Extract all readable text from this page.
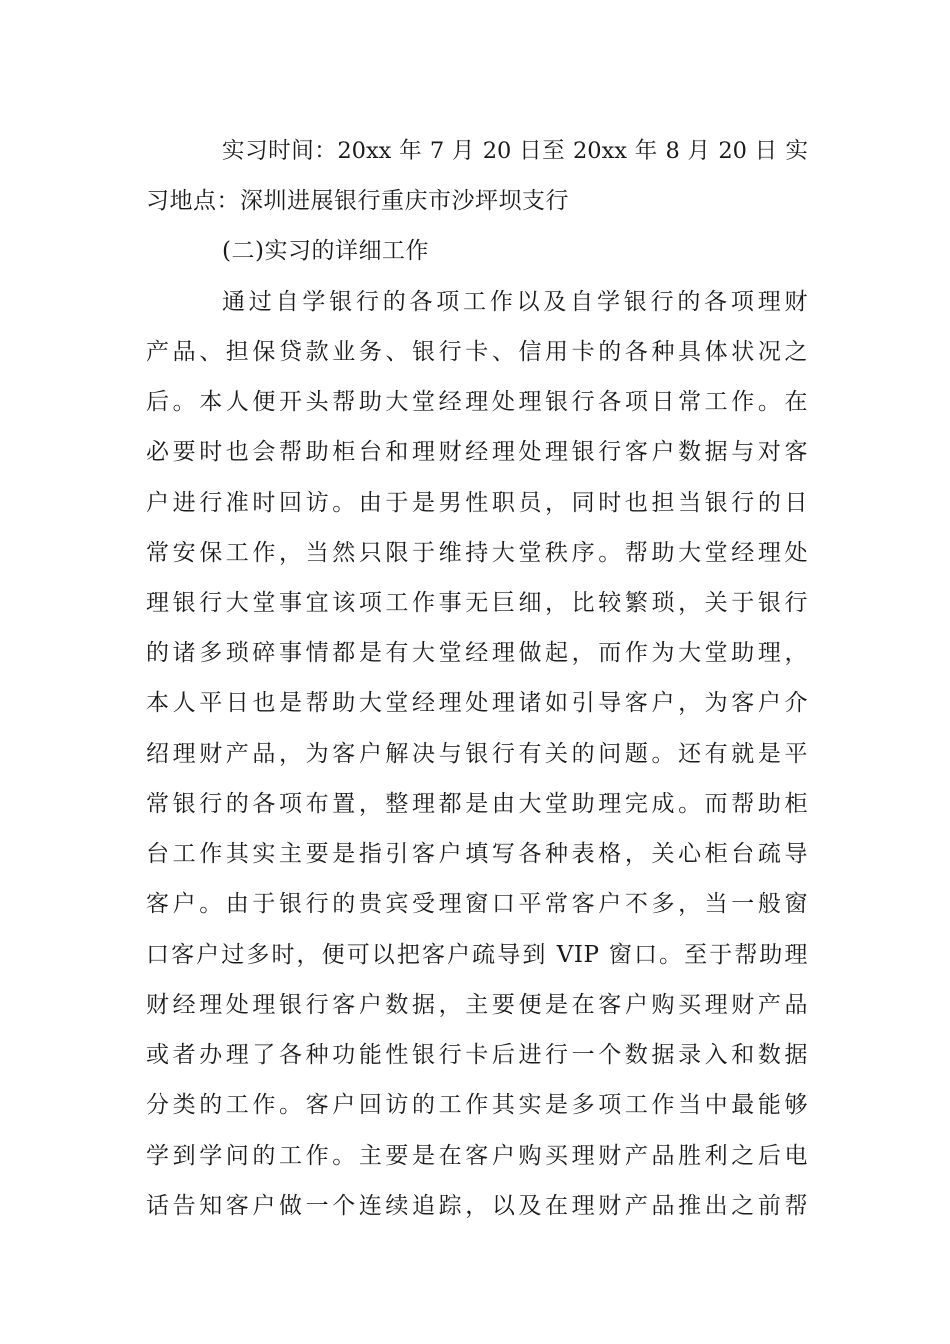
实习时间：20xx 年 7 月 20 日至 20xx 年 8 月 20 日 实
习地点：深圳进展银行重庆市沙坪坝支行
(二)实习的详细工作
通过自学银行的各项工作以及自学银行的各项理财
产品、担保贷款业务、银行卡、信用卡的各种具体状况之
后。本人便开头帮助大堂经理处理银行各项日常工作。在
必要时也会帮助柜台和理财经理处理银行客户数据与对客
户进行准时回访。由于是男性职员，同时也担当银行的日
常安保工作，当然只限于维持大堂秩序。帮助大堂经理处
理银行大堂事宜该项工作事无巨细，比较繁琐，关于银行
的诸多琐碎事情都是有大堂经理做起，而作为大堂助理，
本人平日也是帮助大堂经理处理诸如引导客户，为客户介
绍理财产品，为客户解决与银行有关的问题。还有就是平
常银行的各项布置，整理都是由大堂助理完成。而帮助柜
台工作其实主要是指引客户填写各种表格，关心柜台疏导
客户。由于银行的贵宾受理窗口平常客户不多，当一般窗
口客户过多时，便可以把客户疏导到 VIP 窗口。至于帮助理
财经理处理银行客户数据，主要便是在客户购买理财产品
或者办理了各种功能性银行卡后进行一个数据录入和数据
分类的工作。客户回访的工作其实是多项工作当中最能够
学到学问的工作。主要是在客户购买理财产品胜利之后电
话告知客户做一个连续追踪，以及在理财产品推出之前帮
